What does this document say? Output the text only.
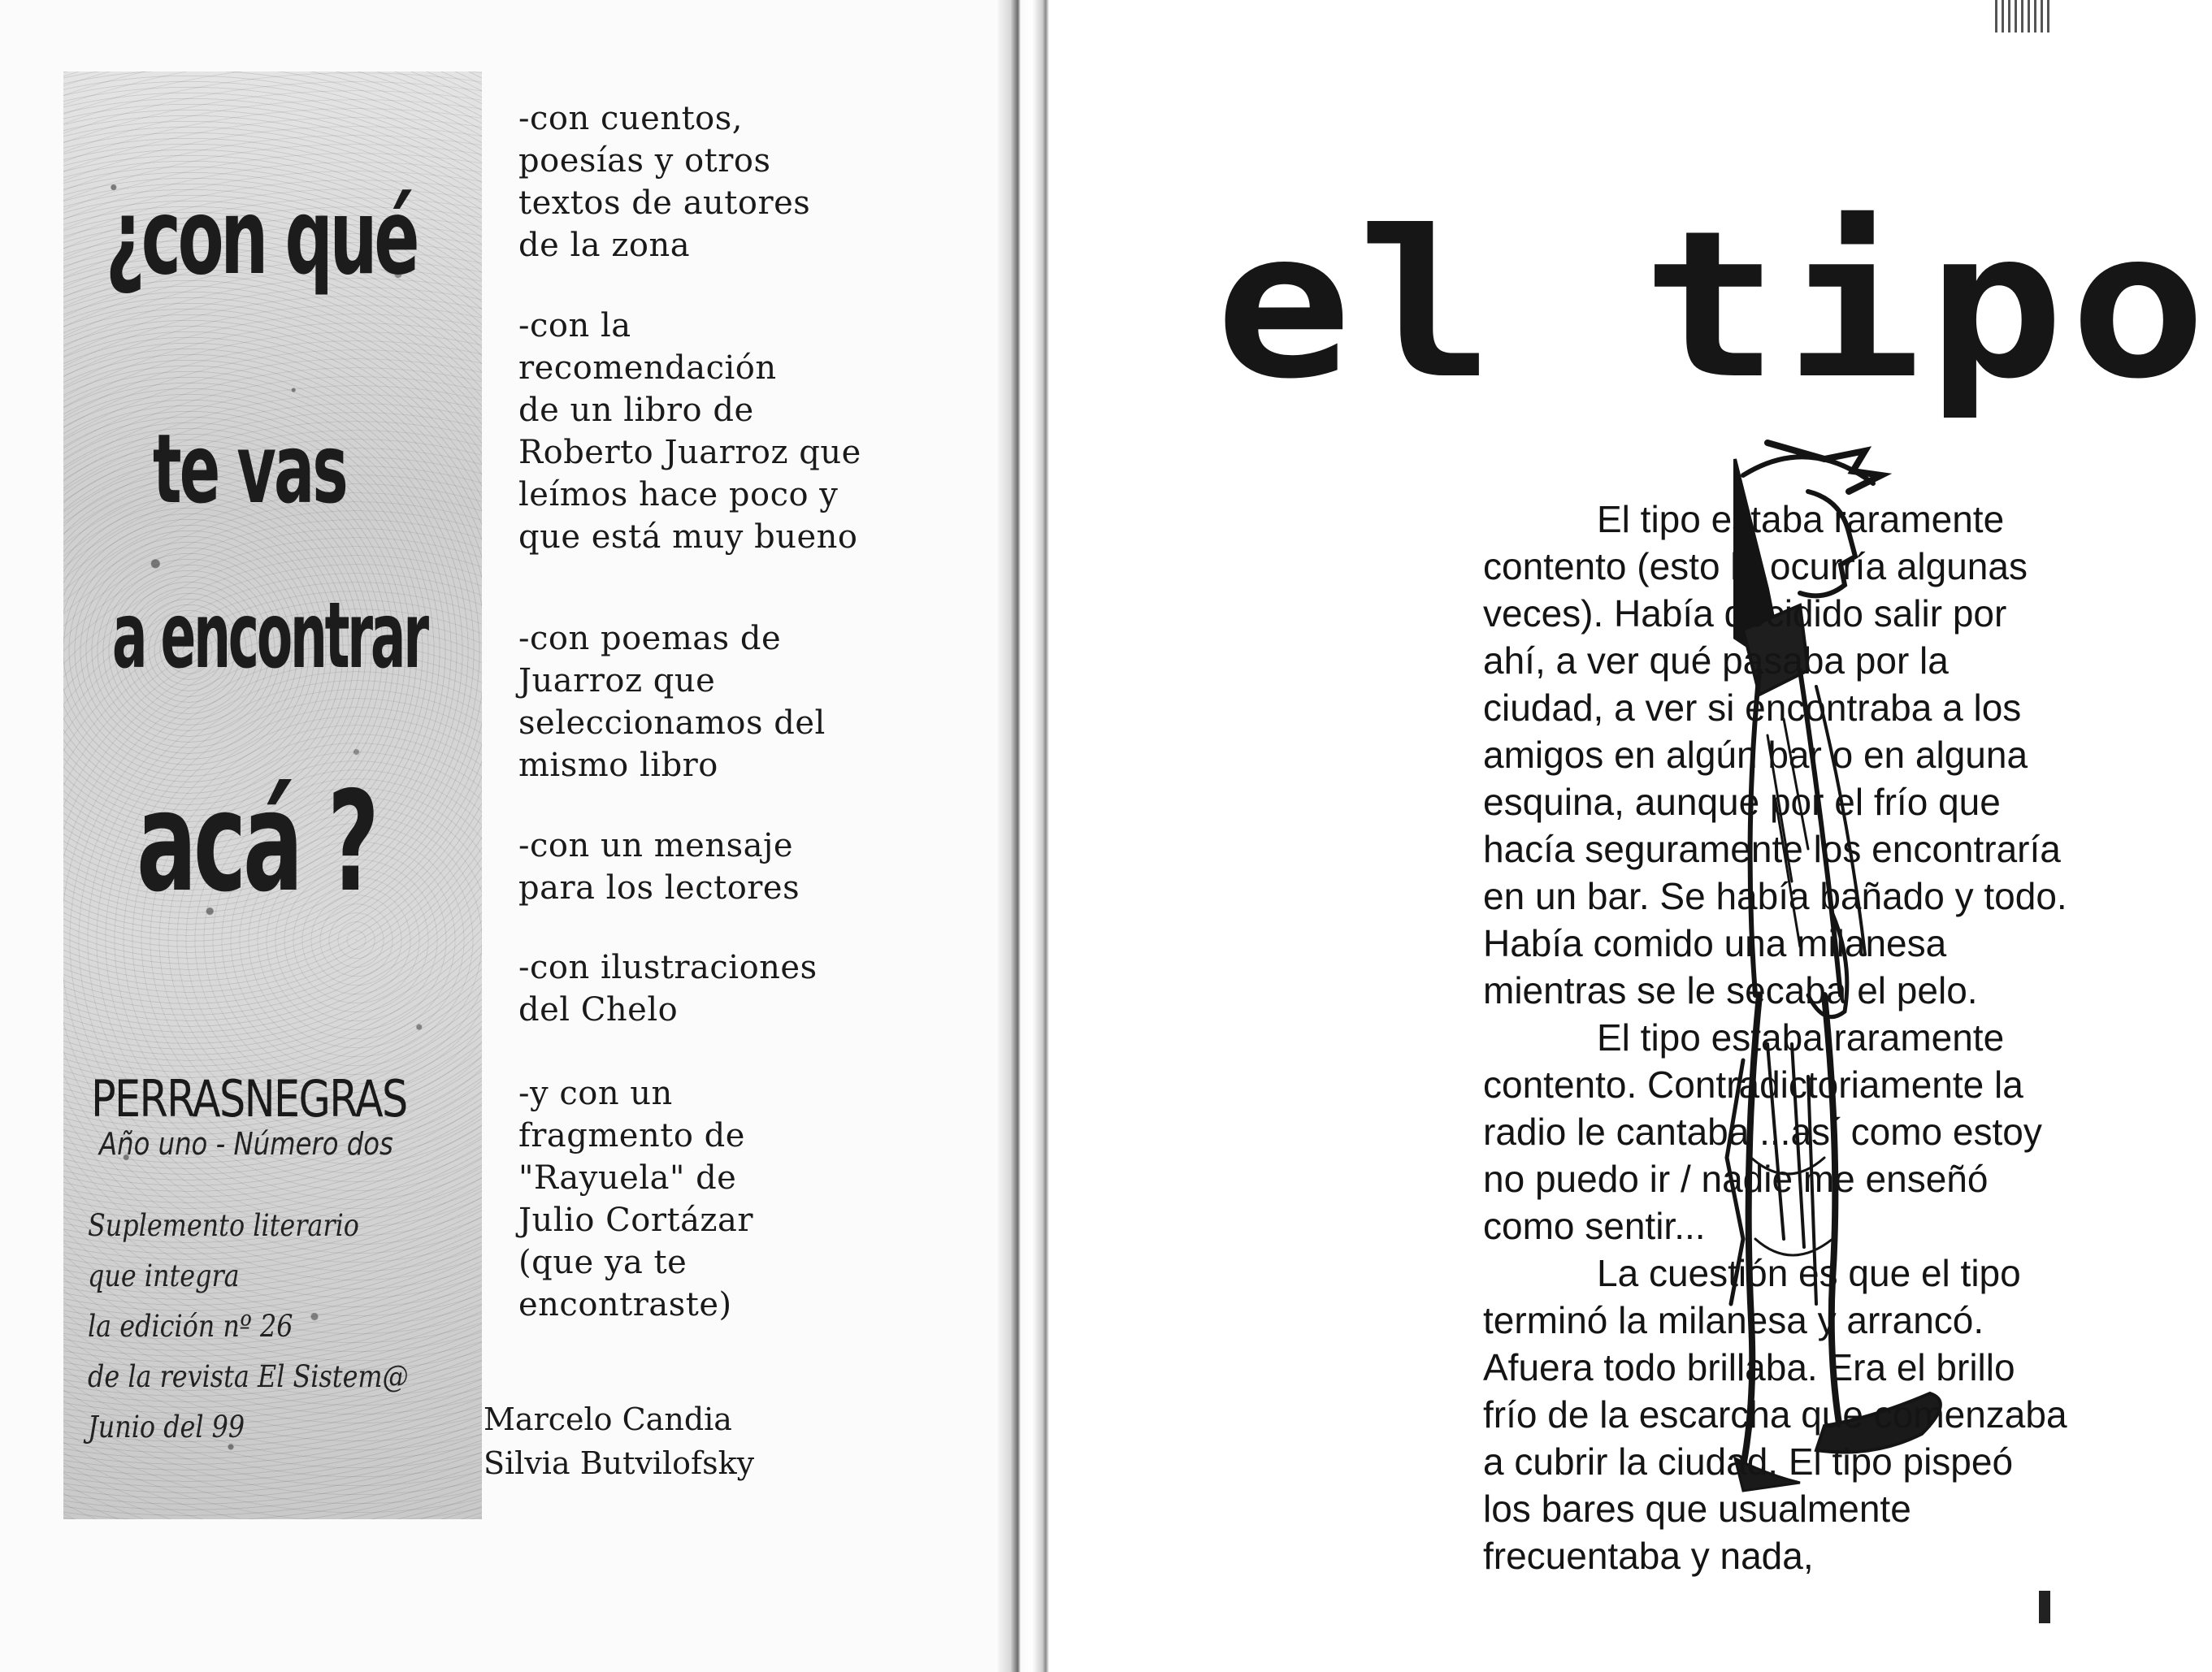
¿con qué
te vas
a encontrar
acá ?
PERRASNEGRAS
Año uno - Número dos
Suplemento literario
que integra
la edición nº 26
de la revista El Sistem@
Junio del 99
-con cuentos,
poesías y otros
textos de autores
de la zona
-con la
recomendación
de un libro de
Roberto Juarroz que
leímos hace poco y
que está muy bueno
-con poemas de
Juarroz que
seleccionamos del
mismo libro
-con un mensaje
para los lectores
-con ilustraciones
del Chelo
-y con un
fragmento de
"Rayuela" de
Julio Cortázar
(que ya te
encontraste)
Marcelo Candia
Silvia Butvilofsky
el tipo

El tipo estaba raramente contento (esto le ocurría algunas veces). Había decidido salir por ahí, a ver qué pasaba por la ciudad, a ver si encontraba a los amigos en algún bar o en alguna esquina, aunque por el frío que hacía seguramente los encontraría en un bar. Se había bañado y todo. Había comido una milanesa mientras se le secaba el pelo.

El tipo estaba raramente contento. Contradictoriamente la radio le cantaba ...así como estoy no puedo ir / nadie me enseñó como sentir...

La cuestión es que el tipo terminó la milanesa y arrancó. Afuera todo brillaba. Era el brillo frío de la escarcha que comenzaba a cubrir la ciudad. El tipo pispeó los bares que usualmente frecuentaba y nada,
